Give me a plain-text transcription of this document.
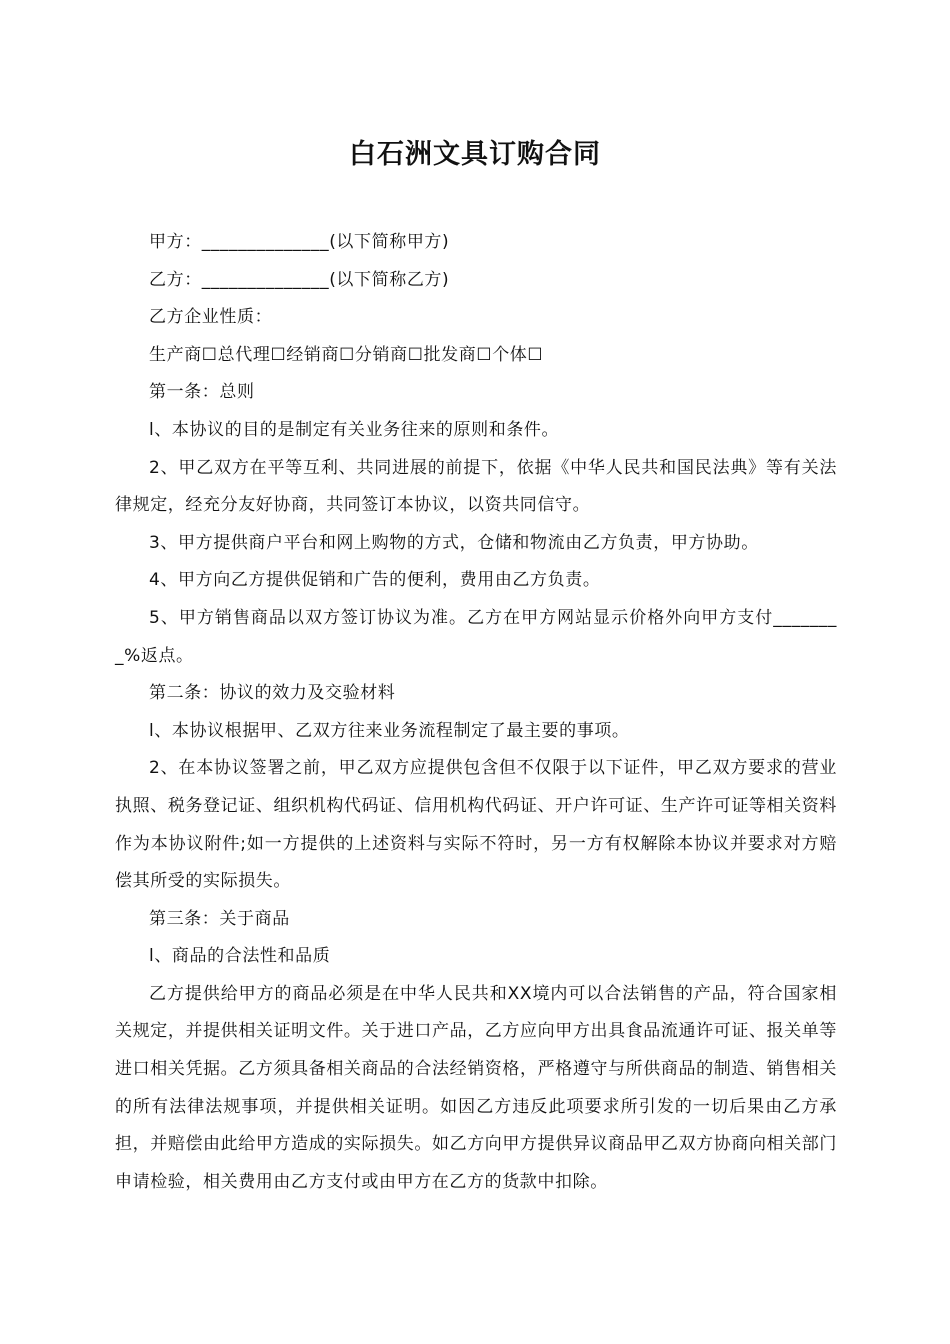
白石洲文具订购合同

甲方：______________(以下简称甲方)

乙方：______________(以下简称乙方)

乙方企业性质：

生产商☐总代理☐经销商☐分销商☐批发商☐个体☐

第一条：总则

l、本协议的目的是制定有关业务往来的原则和条件。

2、甲乙双方在平等互利、共同进展的前提下，依据《中华人民共和国民法典》等有关法律规定，经充分友好协商，共同签订本协议，以资共同信守。

3、甲方提供商户平台和网上购物的方式，仓储和物流由乙方负责，甲方协助。

4、甲方向乙方提供促销和广告的便利，费用由乙方负责。

5、甲方销售商品以双方签订协议为准。乙方在甲方网站显示价格外向甲方支付________%返点。

第二条：协议的效力及交验材料

l、本协议根据甲、乙双方往来业务流程制定了最主要的事项。

2、在本协议签署之前，甲乙双方应提供包含但不仅限于以下证件，甲乙双方要求的营业执照、税务登记证、组织机构代码证、信用机构代码证、开户许可证、生产许可证等相关资料作为本协议附件;如一方提供的上述资料与实际不符时，另一方有权解除本协议并要求对方赔偿其所受的实际损失。

第三条：关于商品

l、商品的合法性和品质

乙方提供给甲方的商品必须是在中华人民共和XX境内可以合法销售的产品，符合国家相关规定，并提供相关证明文件。关于进口产品，乙方应向甲方出具食品流通许可证、报关单等进口相关凭据。乙方须具备相关商品的合法经销资格，严格遵守与所供商品的制造、销售相关的所有法律法规事项，并提供相关证明。如因乙方违反此项要求所引发的一切后果由乙方承担，并赔偿由此给甲方造成的实际损失。如乙方向甲方提供异议商品甲乙双方协商向相关部门申请检验，相关费用由乙方支付或由甲方在乙方的货款中扣除。
